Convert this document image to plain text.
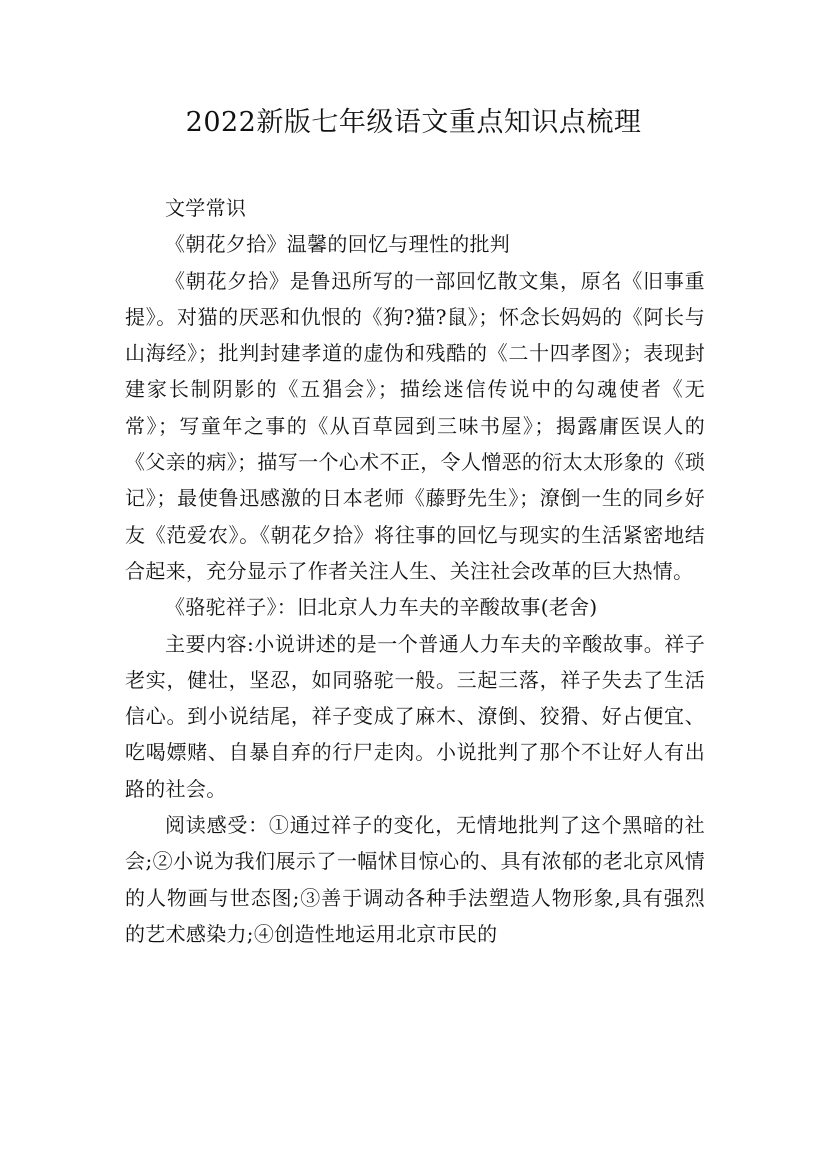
2022新版七年级语文重点知识点梳理

文学常识

《朝花夕拾》温馨的回忆与理性的批判

《朝花夕拾》是鲁迅所写的一部回忆散文集，原名《旧事重提》。对猫的厌恶和仇恨的《狗?猫?鼠》；怀念长妈妈的《阿长与山海经》；批判封建孝道的虚伪和残酷的《二十四孝图》；表现封建家长制阴影的《五猖会》；描绘迷信传说中的勾魂使者《无常》；写童年之事的《从百草园到三味书屋》；揭露庸医误人的《父亲的病》；描写一个心术不正，令人憎恶的衍太太形象的《琐记》；最使鲁迅感激的日本老师《藤野先生》；潦倒一生的同乡好友《范爱农》。《朝花夕拾》将往事的回忆与现实的生活紧密地结合起来，充分显示了作者关注人生、关注社会改革的巨大热情。

《骆驼祥子》：旧北京人力车夫的辛酸故事(老舍)

主要内容:小说讲述的是一个普通人力车夫的辛酸故事。祥子老实，健壮，坚忍，如同骆驼一般。三起三落，祥子失去了生活信心。到小说结尾，祥子变成了麻木、潦倒、狡猾、好占便宜、吃喝嫖赌、自暴自弃的行尸走肉。小说批判了那个不让好人有出路的社会。

阅读感受：①通过祥子的变化，无情地批判了这个黑暗的社会;②小说为我们展示了一幅怵目惊心的、具有浓郁的老北京风情的人物画与世态图;③善于调动各种手法塑造人物形象,具有强烈的艺术感染力;④创造性地运用北京市民的
